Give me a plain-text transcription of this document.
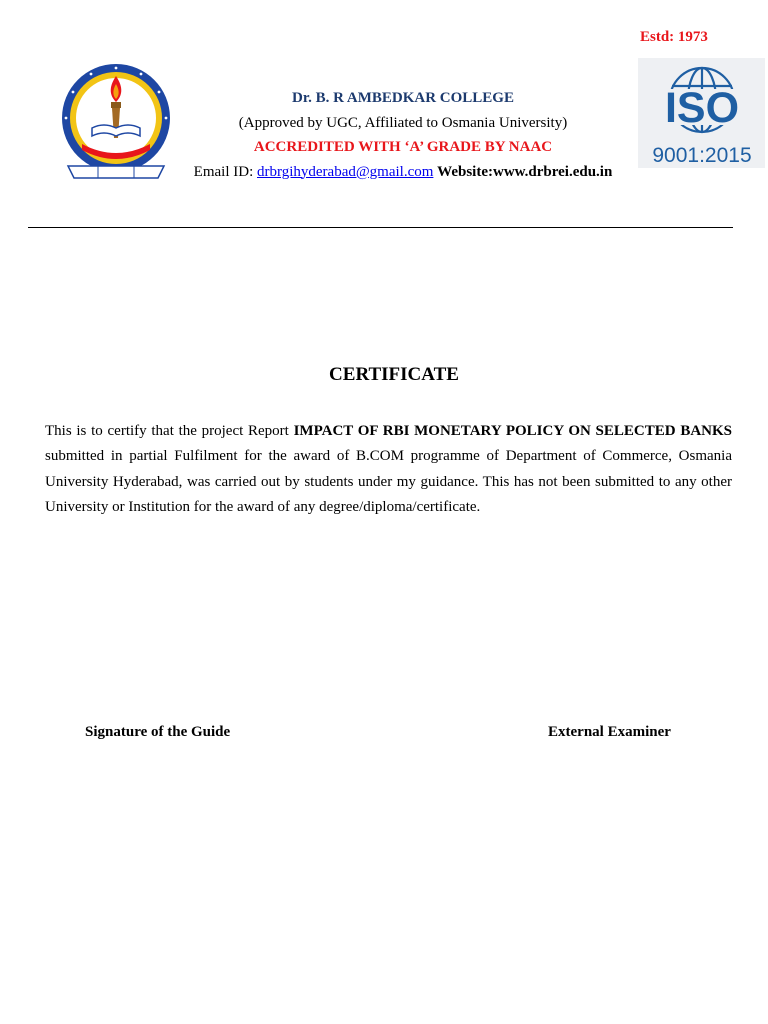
Estd: 1973
Dr. B. R AMBEDKAR COLLEGE
(Approved by UGC, Affiliated to Osmania University)
ACCREDITED WITH ‘A’ GRADE BY NAAC
Email ID: drbrgihyderabad@gmail.com Website:www.drbrei.edu.in
ISO
9001:2015
CERTIFICATE
This is to certify that the project Report IMPACT OF RBI MONETARY POLICY ON SELECTED BANKS submitted in partial Fulfilment for the award of B.COM programme of Department of Commerce, Osmania University Hyderabad, was carried out by students under my guidance. This has not been submitted to any other University or Institution for the award of any degree/diploma/certificate.
Signature of the Guide	External Examiner
